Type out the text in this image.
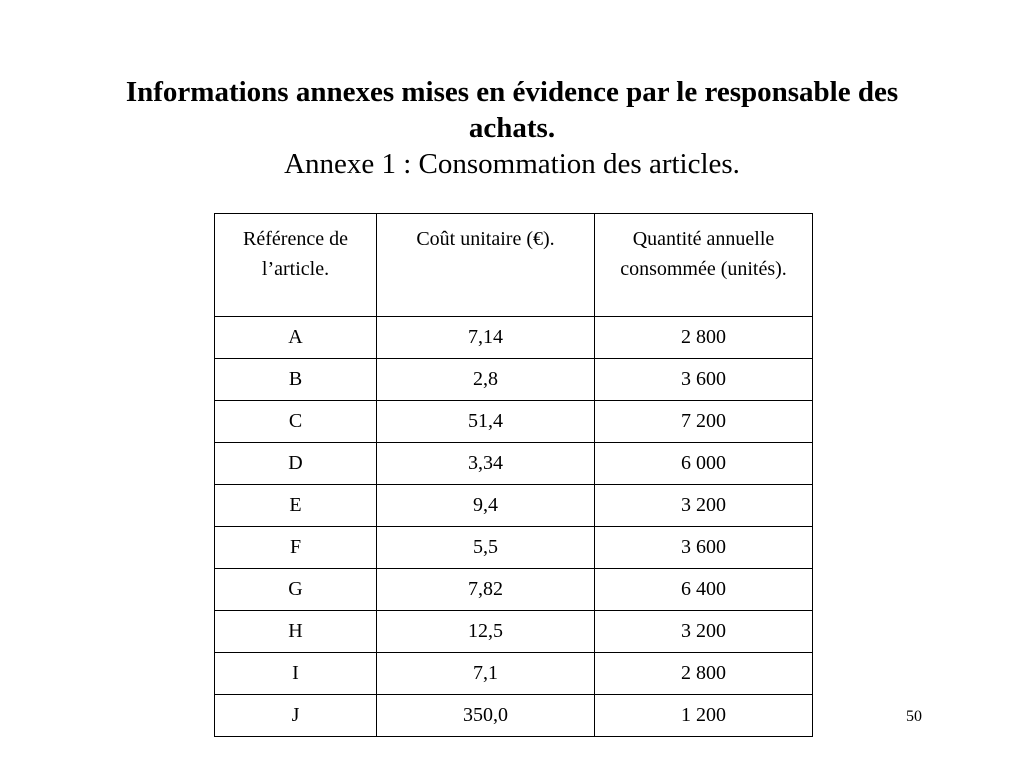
Informations annexes mises en évidence par le responsable des
achats.
Annexe 1 : Consommation des articles.
Référence de l’article.	Coût unitaire (€).	Quantité annuelle consommée (unités).
A	7,14	2 800
B	2,8	3 600
C	51,4	7 200
D	3,34	6 000
E	9,4	3 200
F	5,5	3 600
G	7,82	6 400
H	12,5	3 200
I	7,1	2 800
J	350,0	1 200	50
